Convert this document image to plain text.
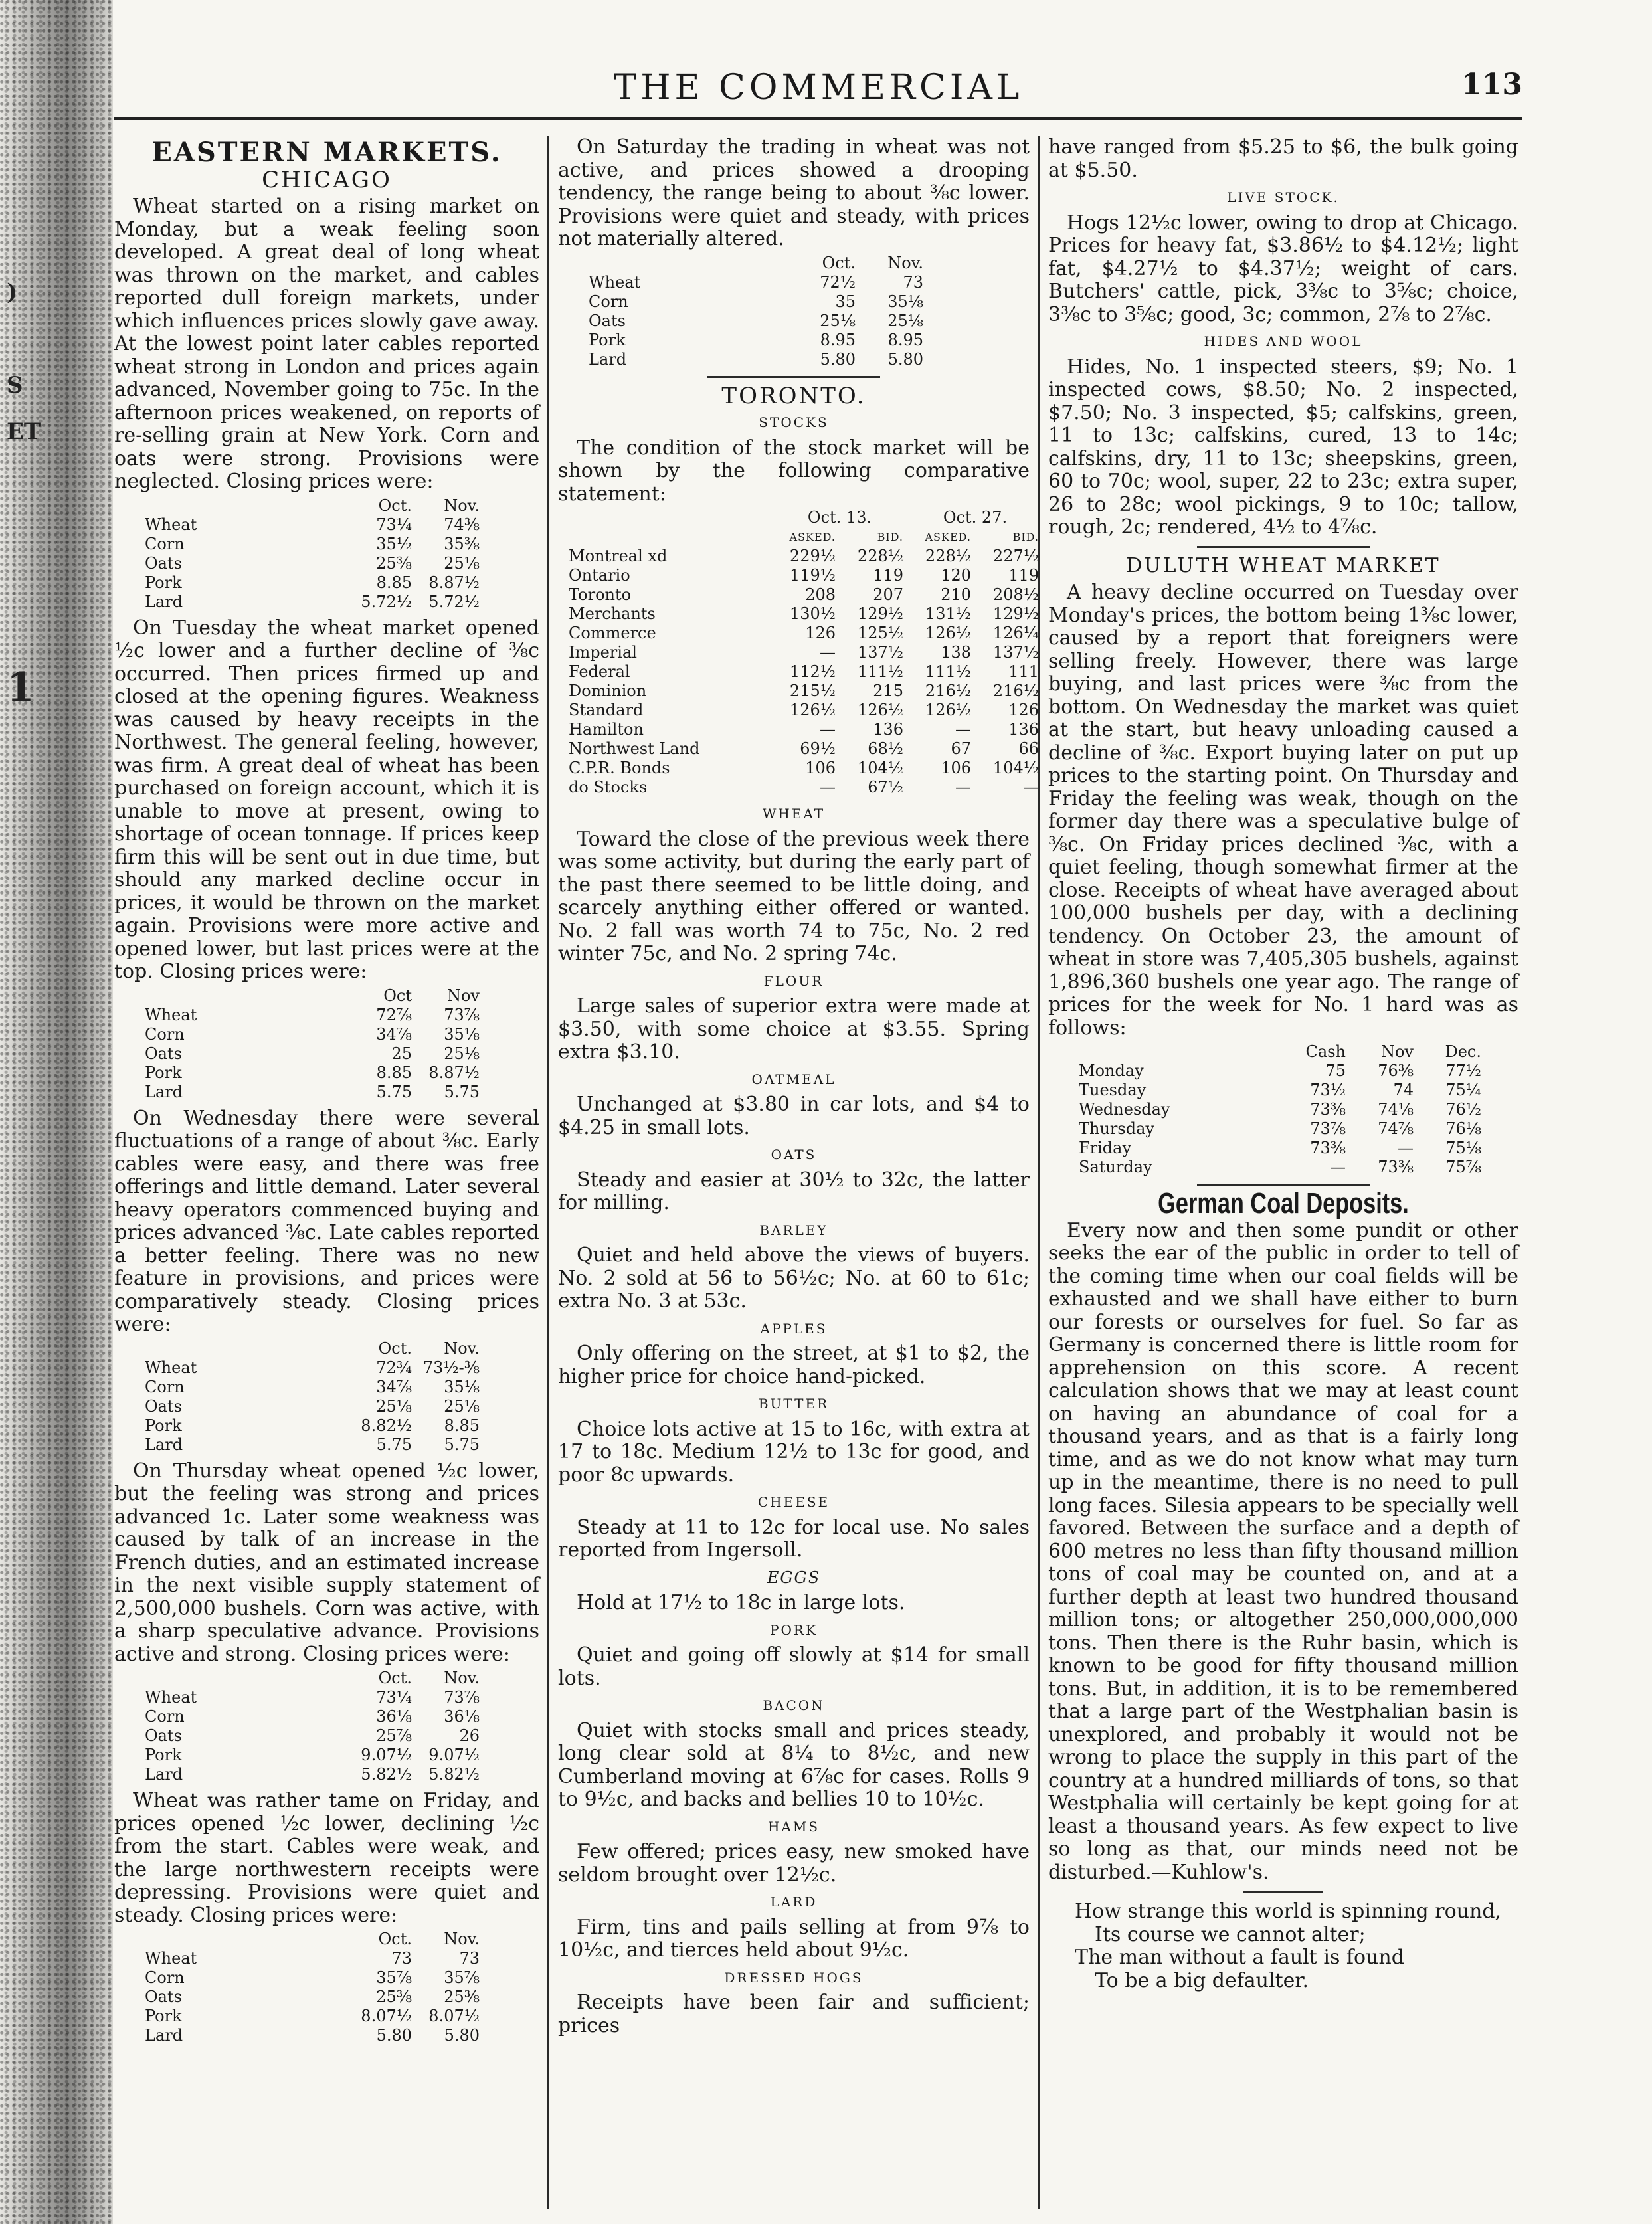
)
S
ET
1
THE COMMERCIAL	113
EASTERN MARKETS.
CHICAGO

Wheat started on a rising market on Monday, but a weak feeling soon developed. A great deal of long wheat was thrown on the market, and cables reported dull foreign markets, under which influences prices slowly gave away. At the lowest point later cables reported wheat strong in London and prices again advanced, November going to 75c. In the afternoon prices weakened, on reports of re-selling grain at New York. Corn and oats were strong. Provisions were neglected. Closing prices were:

	Oct.	Nov.
Wheat	73¼	74⅜
Corn	35½	35⅜
Oats	25⅜	25⅛
Pork	8.85	8.87½
Lard	5.72½	5.72½

On Tuesday the wheat market opened ½c lower and a further decline of ⅜c occurred. Then prices firmed up and closed at the opening figures. Weakness was caused by heavy receipts in the Northwest. The general feeling, however, was firm. A great deal of wheat has been purchased on foreign account, which it is unable to move at present, owing to shortage of ocean tonnage. If prices keep firm this will be sent out in due time, but should any marked decline occur in prices, it would be thrown on the market again. Provisions were more active and opened lower, but last prices were at the top. Closing prices were:

	Oct	Nov
Wheat	72⅞	73⅞
Corn	34⅞	35⅛
Oats	25	25⅛
Pork	8.85	8.87½
Lard	5.75	5.75

On Wednesday there were several fluctuations of a range of about ⅜c. Early cables were easy, and there was free offerings and little demand. Later several heavy operators commenced buying and prices advanced ⅜c. Late cables reported a better feeling. There was no new feature in provisions, and prices were comparatively steady. Closing prices were:

	Oct.	Nov.
Wheat	72¾	73½-⅜
Corn	34⅞	35⅛
Oats	25⅛	25⅛
Pork	8.82½	8.85
Lard	5.75	5.75

On Thursday wheat opened ½c lower, but the feeling was strong and prices advanced 1c. Later some weakness was caused by talk of an increase in the French duties, and an estimated increase in the next visible supply statement of 2,500,000 bushels. Corn was active, with a sharp speculative advance. Provisions active and strong. Closing prices were:

	Oct.	Nov.
Wheat	73¼	73⅞
Corn	36⅛	36⅛
Oats	25⅞	26
Pork	9.07½	9.07½
Lard	5.82½	5.82½

Wheat was rather tame on Friday, and prices opened ½c lower, declining ½c from the start. Cables were weak, and the large northwestern receipts were depressing. Provisions were quiet and steady. Closing prices were:

	Oct.	Nov.
Wheat	73	73
Corn	35⅞	35⅞
Oats	25⅜	25⅜
Pork	8.07½	8.07½
Lard	5.80	5.80

On Saturday the trading in wheat was not active, and prices showed a drooping tendency, the range being to about ⅜c lower. Provisions were quiet and steady, with prices not materially altered.

	Oct.	Nov.
Wheat	72½	73
Corn	35	35⅛
Oats	25⅛	25⅛
Pork	8.95	8.95
Lard	5.80	5.80
TORONTO.
STOCKS

The condition of the stock market will be shown by the following comparative statement:

	Oct. 13.		Oct. 27.	
	ASKED.	BID.	ASKED.	BID.
Montreal xd	229½	228½	228½	227½
Ontario	119½	119	120	119
Toronto	208	207	210	208½
Merchants	130½	129½	131½	129½
Commerce	126	125½	126½	126¼
Imperial	—	137½	138	137½
Federal	112½	111½	111½	111
Dominion	215½	215	216½	216½
Standard	126½	126½	126½	126
Hamilton	—	136	—	136
Northwest Land	69½	68½	67	66
C.P.R. Bonds	106	104½	106	104½
do Stocks	—	67½	—	—
WHEAT

Toward the close of the previous week there was some activity, but during the early part of the past there seemed to be little doing, and scarcely anything either offered or wanted. No. 2 fall was worth 74 to 75c, No. 2 red winter 75c, and No. 2 spring 74c.

FLOUR

Large sales of superior extra were made at $3.50, with some choice at $3.55. Spring extra $3.10.

OATMEAL

Unchanged at $3.80 in car lots, and $4 to $4.25 in small lots.

OATS

Steady and easier at 30½ to 32c, the latter for milling.

BARLEY

Quiet and held above the views of buyers. No. 2 sold at 56 to 56½c; No. at 60 to 61c; extra No. 3 at 53c.

APPLES

Only offering on the street, at $1 to $2, the higher price for choice hand-picked.

BUTTER

Choice lots active at 15 to 16c, with extra at 17 to 18c. Medium 12½ to 13c for good, and poor 8c upwards.

CHEESE

Steady at 11 to 12c for local use. No sales reported from Ingersoll.

EGGS

Hold at 17½ to 18c in large lots.

PORK

Quiet and going off slowly at $14 for small lots.

BACON

Quiet with stocks small and prices steady, long clear sold at 8¼ to 8½c, and new Cumberland moving at 6⅞c for cases. Rolls 9 to 9½c, and backs and bellies 10 to 10½c.

HAMS

Few offered; prices easy, new smoked have seldom brought over 12½c.

LARD

Firm, tins and pails selling at from 9⅞ to 10½c, and tierces held about 9½c.

DRESSED HOGS

Receipts have been fair and sufficient; prices

have ranged from $5.25 to $6, the bulk going at $5.50.

LIVE STOCK.

Hogs 12½c lower, owing to drop at Chicago. Prices for heavy fat, $3.86½ to $4.12½; light fat, $4.27½ to $4.37½; weight of cars. Butchers' cattle, pick, 3⅜c to 3⅝c; choice, 3⅜c to 3⅝c; good, 3c; common, 2⅞ to 2⅞c.

HIDES AND WOOL

Hides, No. 1 inspected steers, $9; No. 1 inspected cows, $8.50; No. 2 inspected, $7.50; No. 3 inspected, $5; calfskins, green, 11 to 13c; calfskins, cured, 13 to 14c; calfskins, dry, 11 to 13c; sheepskins, green, 60 to 70c; wool, super, 22 to 23c; extra super, 26 to 28c; wool pickings, 9 to 10c; tallow, rough, 2c; rendered, 4½ to 4⅞c.

DULUTH WHEAT MARKET

A heavy decline occurred on Tuesday over Monday's prices, the bottom being 1⅜c lower, caused by a report that foreigners were selling freely. However, there was large buying, and last prices were ⅜c from the bottom. On Wednesday the market was quiet at the start, but heavy unloading caused a decline of ⅜c. Export buying later on put up prices to the starting point. On Thursday and Friday the feeling was weak, though on the former day there was a speculative bulge of ⅜c. On Friday prices declined ⅜c, with a quiet feeling, though somewhat firmer at the close. Receipts of wheat have averaged about 100,000 bushels per day, with a declining tendency. On October 23, the amount of wheat in store was 7,405,305 bushels, against 1,896,360 bushels one year ago. The range of prices for the week for No. 1 hard was as follows:

	Cash	Nov	Dec.
Monday	75	76⅜	77½
Tuesday	73½	74	75¼
Wednesday	73⅜	74⅛	76½
Thursday	73⅞	74⅞	76⅛
Friday	73⅜	—	75⅛
Saturday	—	73⅜	75⅞
German Coal Deposits.

Every now and then some pundit or other seeks the ear of the public in order to tell of the coming time when our coal fields will be exhausted and we shall have either to burn our forests or ourselves for fuel. So far as Germany is concerned there is little room for apprehension on this score. A recent calculation shows that we may at least count on having an abundance of coal for a thousand years, and as that is a fairly long time, and as we do not know what may turn up in the meantime, there is no need to pull long faces. Silesia appears to be specially well favored. Between the surface and a depth of 600 metres no less than fifty thousand million tons of coal may be counted on, and at a further depth at least two hundred thousand million tons; or altogether 250,000,000,000 tons. Then there is the Ruhr basin, which is known to be good for fifty thousand million tons. But, in addition, it is to be remembered that a large part of the Westphalian basin is unexplored, and probably it would not be wrong to place the supply in this part of the country at a hundred milliards of tons, so that Westphalia will certainly be kept going for at least a thousand years. As few expect to live so long as that, our minds need not be disturbed.—Kuhlow's.

How strange this world is spinning round,
Its course we cannot alter;
The man without a fault is found
To be a big defaulter.
